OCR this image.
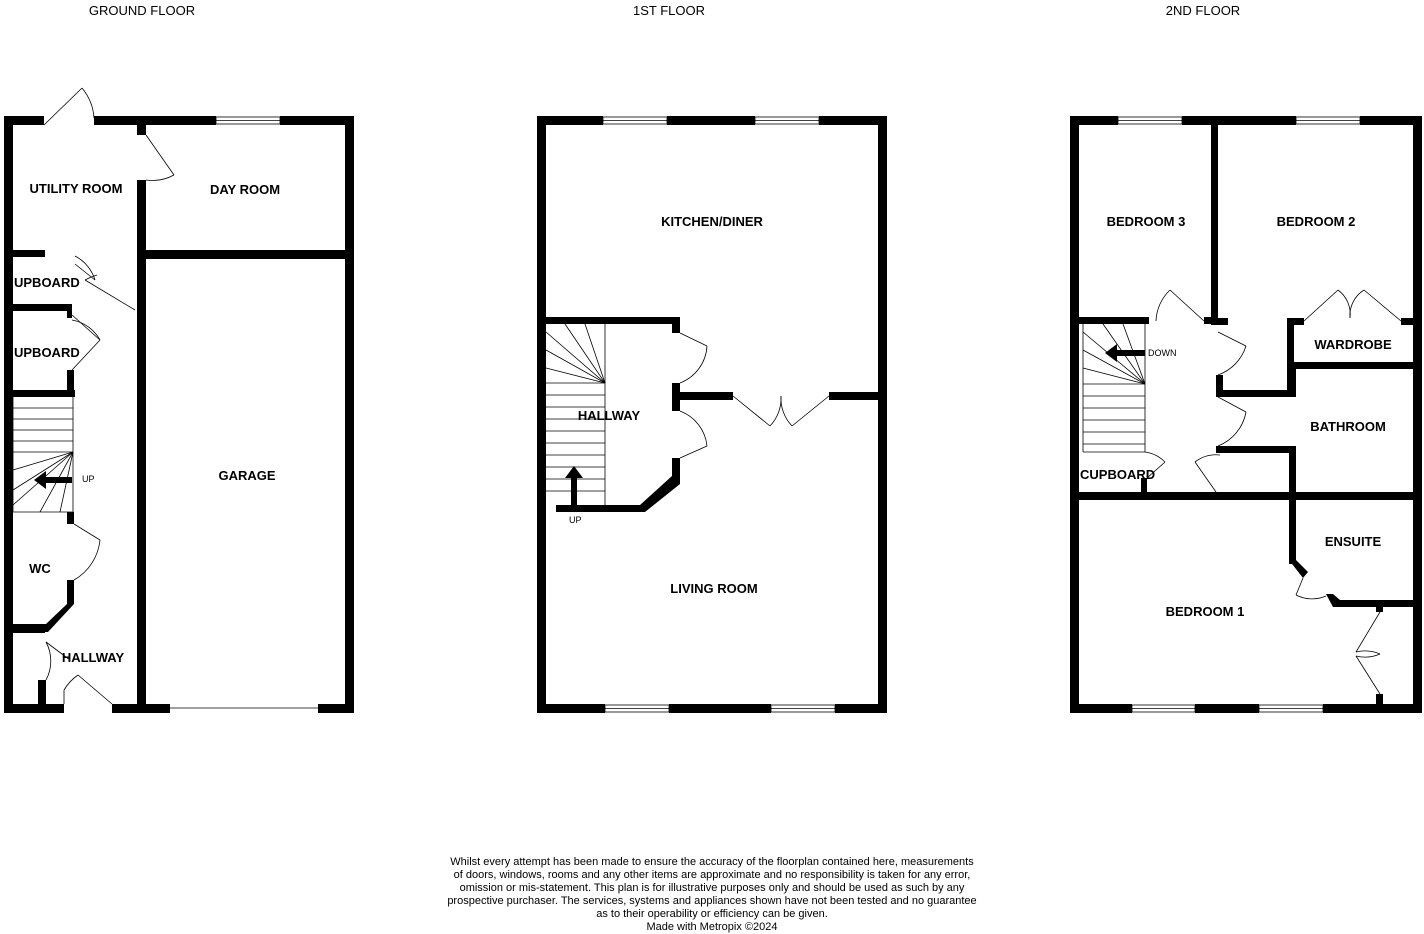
GROUND FLOOR
UP
UTILITY ROOM	DAY ROOM
UPBOARD
UPBOARD
GARAGE
WC
HALLWAY
1ST FLOOR
UP
KITCHEN/DINER
HALLWAY
LIVING ROOM
2ND FLOOR
DOWN
BEDROOM 3	BEDROOM 2
WARDROBE
BATHROOM
CUPBOARD
ENSUITE
BEDROOM 1
Whilst every attempt has been made to ensure the accuracy of the floorplan contained here, measurements
of doors, windows, rooms and any other items are approximate and no responsibility is taken for any error,
omission or mis-statement. This plan is for illustrative purposes only and should be used as such by any
prospective purchaser. The services, systems and appliances shown have not been tested and no guarantee
as to their operability or efficiency can be given.
Made with Metropix ©2024
